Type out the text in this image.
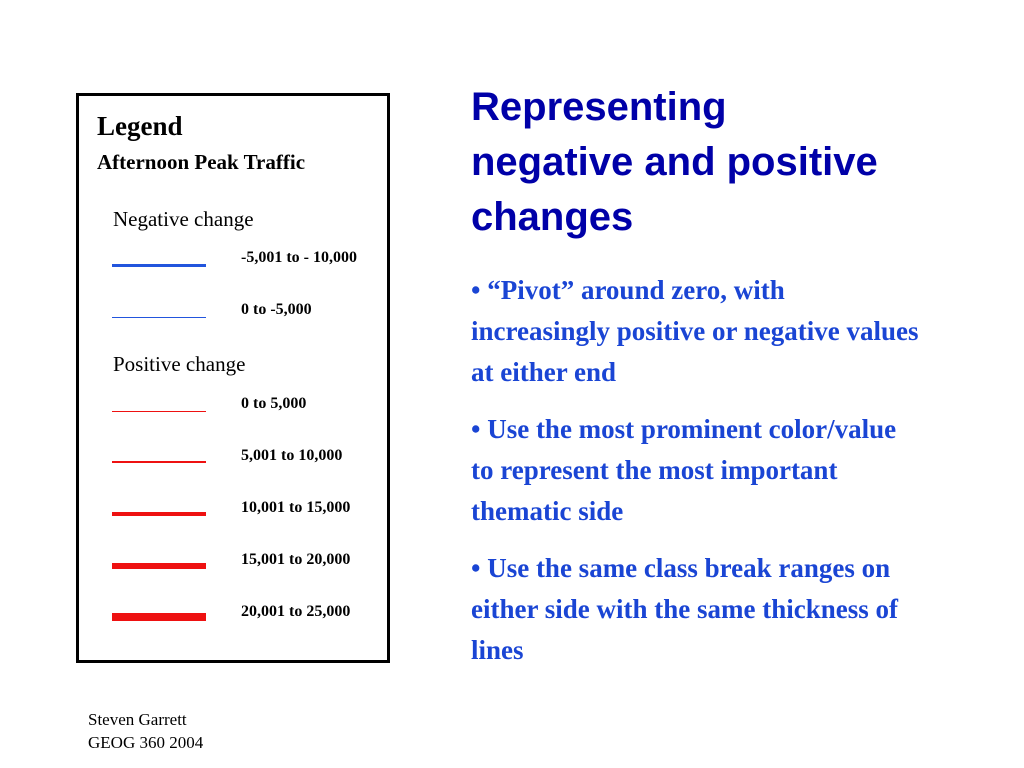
Legend
Afternoon Peak Traffic
Negative change
-5,001 to - 10,000
0 to -5,000
Positive change
0 to 5,000
5,001 to 10,000
10,001 to 15,000
15,001 to 20,000
20,001 to 25,000
Representing negative and positive changes

• “Pivot” around zero, with increasingly positive or negative values at either end

• Use the most prominent color/value to represent the most important thematic side

• Use the same class break ranges on either side with the same thickness of lines

Steven Garrett
GEOG 360 2004
